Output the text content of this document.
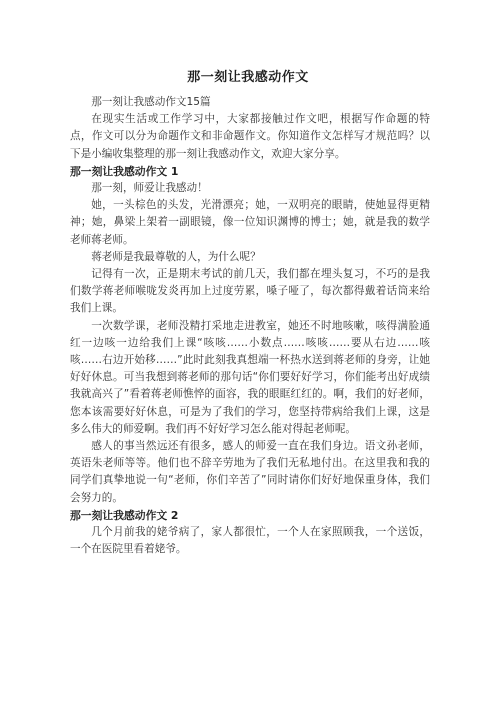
那一刻让我感动作文

那一刻让我感动作文15篇

在现实生活或工作学习中，大家都接触过作文吧，根据写作命题的特点，作文可以分为命题作文和非命题作文。你知道作文怎样写才规范吗？以下是小编收集整理的那一刻让我感动作文，欢迎大家分享。

那一刻让我感动作文 1

那一刻，师爱让我感动！

她，一头棕色的头发，光滑漂亮；她，一双明亮的眼睛，使她显得更精神；她，鼻梁上架着一副眼镜，像一位知识渊博的博士；她，就是我的数学老师蒋老师。

蒋老师是我最尊敬的人，为什么呢？

记得有一次，正是期末考试的前几天，我们都在埋头复习，不巧的是我们数学蒋老师喉咙发炎再加上过度劳累，嗓子哑了，每次都得戴着话筒来给我们上课。

一次数学课，老师没精打采地走进教室，她还不时地咳嗽，咳得满脸通红一边咳一边给我们上课“咳咳……小数点……咳咳……要从右边……咳咳……右边开始移……”此时此刻我真想端一杯热水送到蒋老师的身旁，让她好好休息。可当我想到蒋老师的那句话“你们要好好学习，你们能考出好成绩我就高兴了”看着蒋老师憔悴的面容，我的眼眶红红的。啊，我们的好老师，您本该需要好好休息，可是为了我们的学习，您坚持带病给我们上课，这是多么伟大的师爱啊。我们再不好好学习怎么能对得起老师呢。

感人的事当然远还有很多，感人的师爱一直在我们身边。语文孙老师，英语朱老师等等。他们也不辞辛劳地为了我们无私地付出。在这里我和我的同学们真挚地说一句“老师，你们辛苦了”同时请你们好好地保重身体，我们会努力的。

那一刻让我感动作文 2

几个月前我的姥爷病了，家人都很忙，一个人在家照顾我，一个送饭，一个在医院里看着姥爷。
